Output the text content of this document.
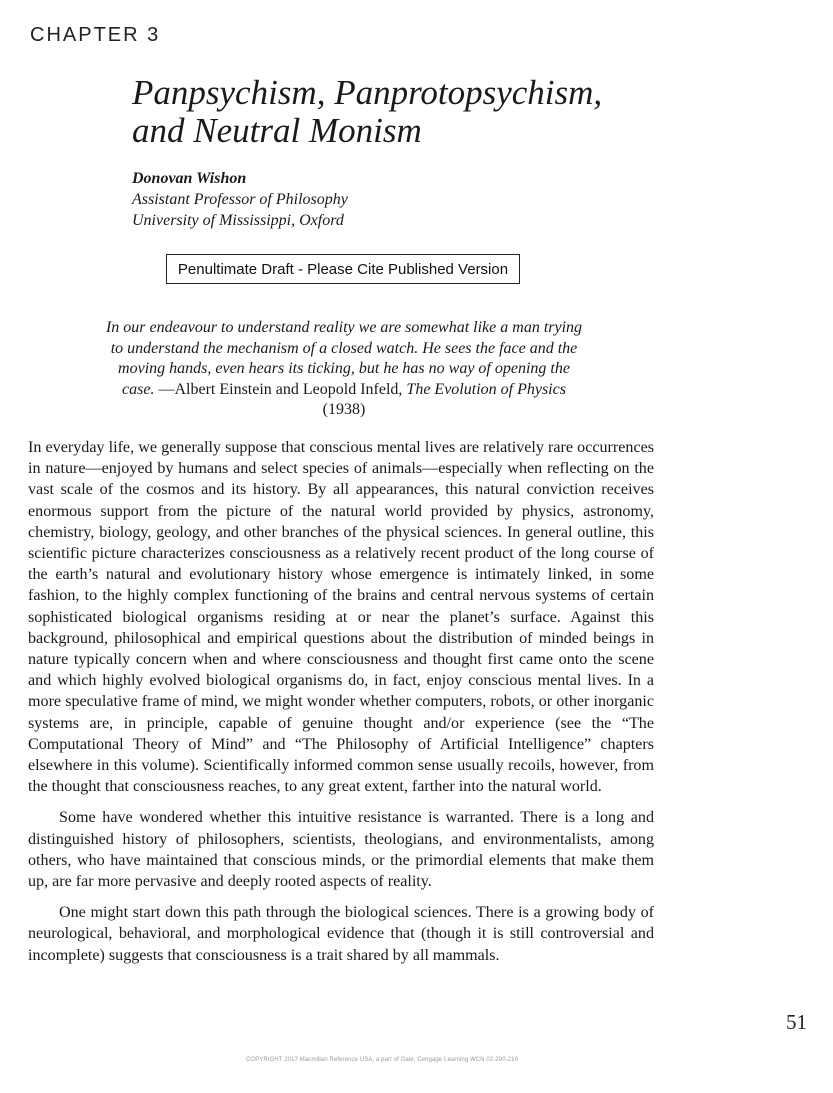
CHAPTER 3
Panpsychism, Panprotopsychism,
and Neutral Monism
Donovan Wishon
Assistant Professor of Philosophy
University of Mississippi, Oxford
Penultimate Draft - Please Cite Published Version
In our endeavour to understand reality we are somewhat like a man trying to understand the mechanism of a closed watch. He sees the face and the moving hands, even hears its ticking, but he has no way of opening the case. —Albert Einstein and Leopold Infeld, The Evolution of Physics (1938)

In everyday life, we generally suppose that conscious mental lives are relatively rare occurrences in nature—enjoyed by humans and select species of animals—especially when reflecting on the vast scale of the cosmos and its history. By all appearances, this natural conviction receives enormous support from the picture of the natural world provided by physics, astronomy, chemistry, biology, geology, and other branches of the physical sciences. In general outline, this scientific picture characterizes consciousness as a relatively recent product of the long course of the earth’s natural and evolutionary history whose emergence is intimately linked, in some fashion, to the highly complex functioning of the brains and central nervous systems of certain sophisticated biological organisms residing at or near the planet’s surface. Against this background, philosophical and empirical questions about the distribution of minded beings in nature typically concern when and where consciousness and thought first came onto the scene and which highly evolved biological organisms do, in fact, enjoy conscious mental lives. In a more speculative frame of mind, we might wonder whether computers, robots, or other inorganic systems are, in principle, capable of genuine thought and/or experience (see the “The Computational Theory of Mind” and “The Philosophy of Artificial Intelligence” chapters elsewhere in this volume). Scientifically informed common sense usually recoils, however, from the thought that consciousness reaches, to any great extent, farther into the natural world.

Some have wondered whether this intuitive resistance is warranted. There is a long and distinguished history of philosophers, scientists, theologians, and environmentalists, among others, who have maintained that conscious minds, or the primordial elements that make them up, are far more pervasive and deeply rooted aspects of reality.

One might start down this path through the biological sciences. There is a growing body of neurological, behavioral, and morphological evidence that (though it is still controversial and incomplete) suggests that consciousness is a trait shared by all mammals.

51
COPYRIGHT 2017 Macmillan Reference USA, a part of Gale, Cengage Learning WCN 02-200-210
